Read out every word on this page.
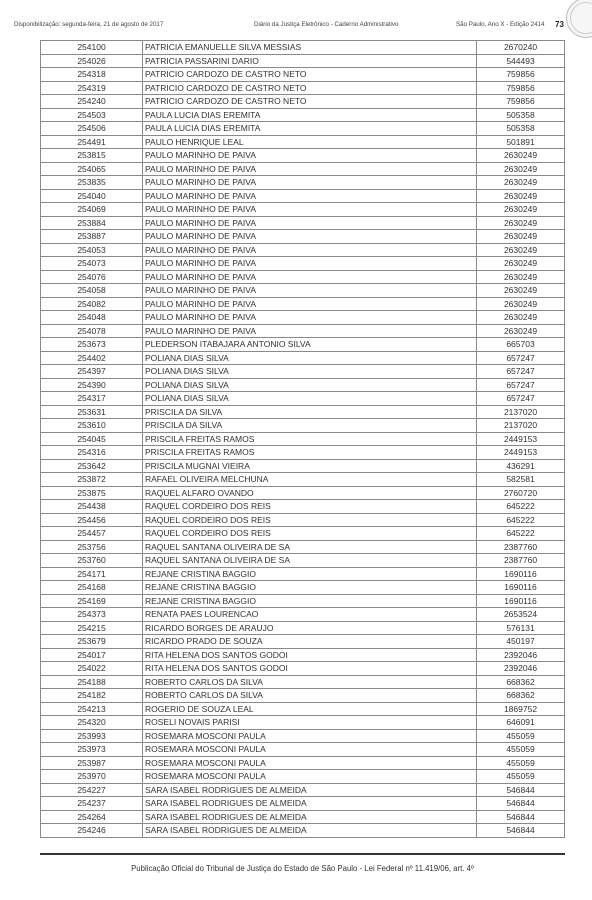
Disponibilização: segunda-feira, 21 de agosto de 2017	Diário da Justiça Eletrônico - Caderno Administrativo	São Paulo, Ano X - Edição 2414 73
254100	PATRICIA EMANUELLE SILVA MESSIAS	2670240
254026	PATRICIA PASSARINI DARIO	544493
254318	PATRICIO CARDOZO DE CASTRO NETO	759856
254319	PATRICIO CARDOZO DE CASTRO NETO	759856
254240	PATRICIO CARDOZO DE CASTRO NETO	759856
254503	PAULA LUCIA DIAS EREMITA	505358
254506	PAULA LUCIA DIAS EREMITA	505358
254491	PAULO HENRIQUE LEAL	501891
253815	PAULO MARINHO DE PAIVA	2630249
254065	PAULO MARINHO DE PAIVA	2630249
253835	PAULO MARINHO DE PAIVA	2630249
254040	PAULO MARINHO DE PAIVA	2630249
254069	PAULO MARINHO DE PAIVA	2630249
253884	PAULO MARINHO DE PAIVA	2630249
253887	PAULO MARINHO DE PAIVA	2630249
254053	PAULO MARINHO DE PAIVA	2630249
254073	PAULO MARINHO DE PAIVA	2630249
254076	PAULO MARINHO DE PAIVA	2630249
254058	PAULO MARINHO DE PAIVA	2630249
254082	PAULO MARINHO DE PAIVA	2630249
254048	PAULO MARINHO DE PAIVA	2630249
254078	PAULO MARINHO DE PAIVA	2630249
253673	PLEDERSON ITABAJARA ANTONIO SILVA	665703
254402	POLIANA DIAS SILVA	657247
254397	POLIANA DIAS SILVA	657247
254390	POLIANA DIAS SILVA	657247
254317	POLIANA DIAS SILVA	657247
253631	PRISCILA DA SILVA	2137020
253610	PRISCILA DA SILVA	2137020
254045	PRISCILA FREITAS RAMOS	2449153
254316	PRISCILA FREITAS RAMOS	2449153
253642	PRISCILA MUGNAI VIEIRA	436291
253872	RAFAEL OLIVEIRA MELCHUNA	582581
253875	RAQUEL ALFARO OVANDO	2760720
254438	RAQUEL CORDEIRO DOS REIS	645222
254456	RAQUEL CORDEIRO DOS REIS	645222
254457	RAQUEL CORDEIRO DOS REIS	645222
253756	RAQUEL SANTANA OLIVEIRA DE SA	2387760
253760	RAQUEL SANTANA OLIVEIRA DE SA	2387760
254171	REJANE CRISTINA BAGGIO	1690116
254168	REJANE CRISTINA BAGGIO	1690116
254169	REJANE CRISTINA BAGGIO	1690116
254373	RENATA PAES LOURENCAO	2653524
254215	RICARDO BORGES DE ARAUJO	576131
253679	RICARDO PRADO DE SOUZA	450197
254017	RITA HELENA DOS SANTOS GODOI	2392046
254022	RITA HELENA DOS SANTOS GODOI	2392046
254188	ROBERTO CARLOS DA SILVA	668362
254182	ROBERTO CARLOS DA SILVA	668362
254213	ROGERIO DE SOUZA LEAL	1869752
254320	ROSELI NOVAIS PARISI	646091
253993	ROSEMARA MOSCONI PAULA	455059
253973	ROSEMARA MOSCONI PAULA	455059
253987	ROSEMARA MOSCONI PAULA	455059
253970	ROSEMARA MOSCONI PAULA	455059
254227	SARA ISABEL RODRIGUES DE ALMEIDA	546844
254237	SARA ISABEL RODRIGUES DE ALMEIDA	546844
254264	SARA ISABEL RODRIGUES DE ALMEIDA	546844
254246	SARA ISABEL RODRIGUES DE ALMEIDA	546844
Publicação Oficial do Tribunal de Justiça do Estado de São Paulo - Lei Federal nº 11.419/06, art. 4º
